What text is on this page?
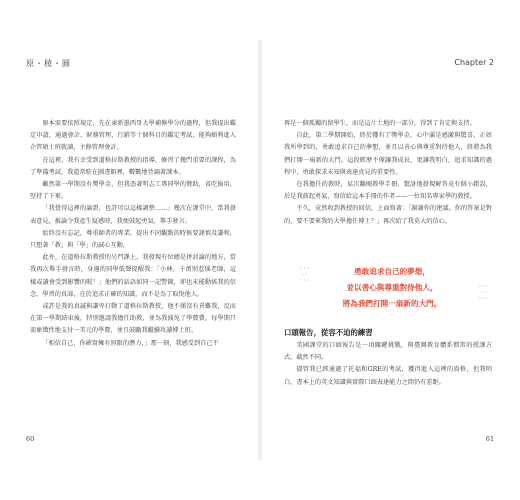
原・稜・圓

原本需要依照規定，先在東新墨西哥大學補修學分的過程，但我提出鑑定申請，通過會計、財務管理、行銷等十個科目的鑑定考試，能夠順利進入企管碩士班就讀，主修管理會計。

在這裡，我有幸受到道格拉斯教授的指導，修習了幾門重要的課程，為了準備考試，我還常駐在圖書館裡，數數地背誦著課本。

雖然第一學期沒有獎學金，但我憑著明志工專同學的贊助，省吃儉用，堅持了下來。

「我覺得這裡的論證，也許可以這樣調整……」幾次在課堂中，當我發表意見，推論令我產生疑惑時，我便鼓起勇氣，舉手發言。

始終沒有忘記，尊重師者的專業，提出不同觀點的時候要謹慎及謙和，只想著「教」與「學」的誠心互動。

此外，在道格拉斯教授的另門課上，我發現有位總是拼討論的地方，當我再次舉手發言時，身邊的同學低聲提醒我：「小林，千萬別惹惱老師，這樣或讀會受到影響的喔！」他們的話語如同一記警鐘，卻也未能動搖我的信念，學習的真諦，在於追求正確的知識，而不是為了取悅他人。

或許是我的真誠與謙卑打動了道格拉斯教授，他不僅沒有責難我，反而在第一學期結束後，特別邀請我擔任助教，並為我減免了學費費，每學期只需象徵性地支付一美元的學費，並且鼓勵我繼續攻讀博士班。

「相信自己，你確實擁有無限的潛力，」那一刻，我感受到自己不

60
Chapter 2

再是一個孤獨的留學生，而是這片土地的一部分，得到了肯定與支持。

自此，第二學期開始，終於獲有了獎學金，心中滿是感激與驚喜，正如我所學到的，勇敢追求自己的夢想，並且以善心與尊重對待他人，終將為我們打開一扇新的大門。這段經歷不僅讓我成長，更讓我明白，追求知識的過程中，勇敢探求未知與表達真見的重要性。

在我擔任的教時，某次翻閱教學手冊，驚訝地發現解答竟有個小錯誤，於是我鼓起勇氣，寫信給這本手冊的作者——一位知名專家學的教授。

不久，竟然收到教授的回信，上面寫著：「謝謝你的建議，你的答案是對的，要不要來我的大學擔任博士？」再次給了我莫大的信心。

· · ·
· ·
· · ·
勇敢追求自己的夢想，
並以善心與尊重對待他人，
將為我們打開一扇新的大門。
· · ·
· ·
· · ·
口頭報告，從容不迫的練習

美國課堂的口頭報告是一項關鍵挑戰，與臺灣教育體系慣常的授課方式，截然不同。

儘管我已經通過了托福和GRE的考試，獲得進入這裡的資格，但我明白，書本上的英文知識與實際口頭表達能力之間仍有差距。

61
